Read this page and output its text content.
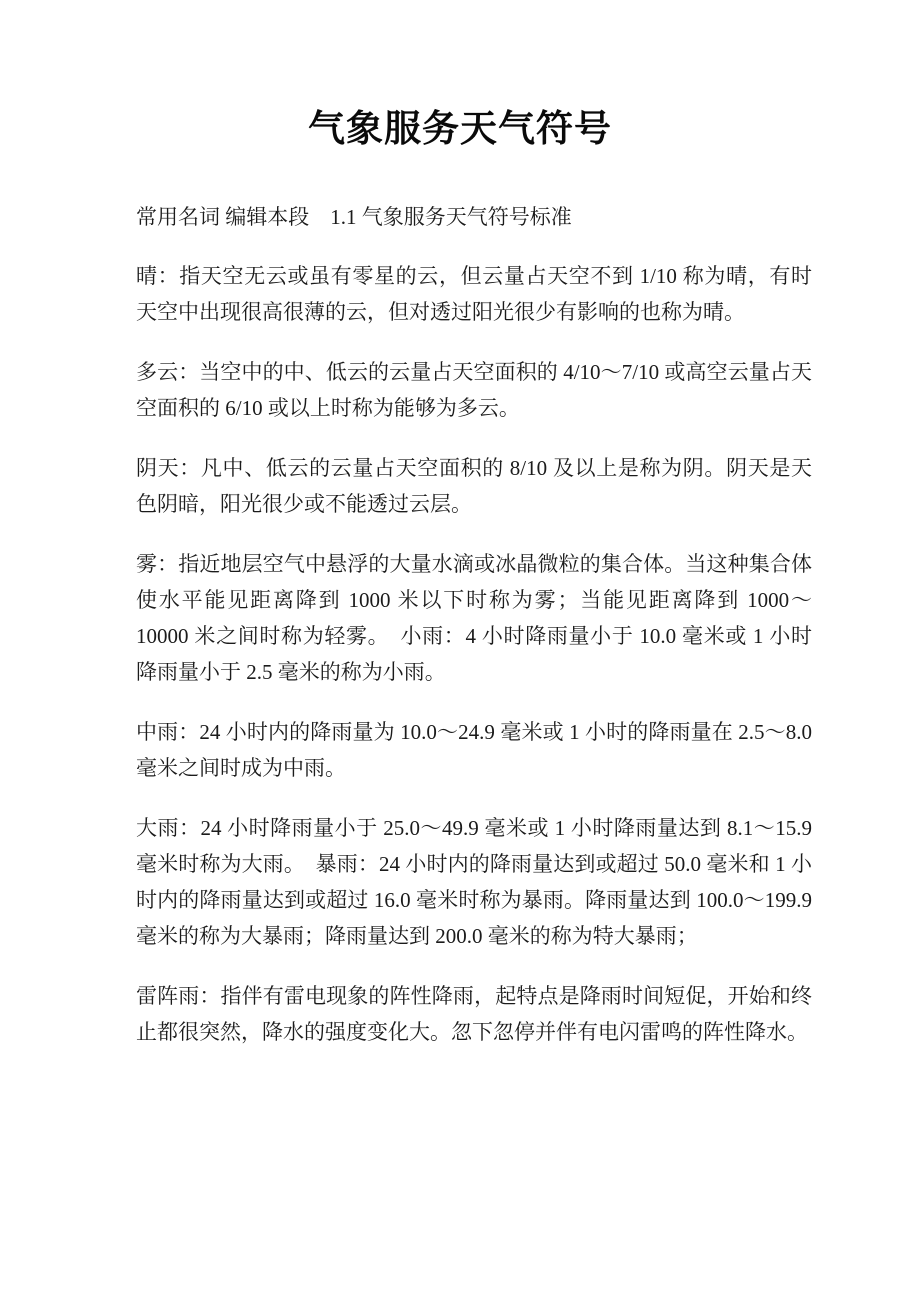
气象服务天气符号

常用名词 编辑本段　1.1 气象服务天气符号标准

晴：指天空无云或虽有零星的云，但云量占天空不到 1/10 称为晴，有时天空中出现很高很薄的云，但对透过阳光很少有影响的也称为晴。

多云：当空中的中、低云的云量占天空面积的 4/10～7/10 或高空云量占天空面积的 6/10 或以上时称为能够为多云。

阴天：凡中、低云的云量占天空面积的 8/10 及以上是称为阴。阴天是天色阴暗，阳光很少或不能透过云层。

雾：指近地层空气中悬浮的大量水滴或冰晶微粒的集合体。当这种集合体使水平能见距离降到 1000 米以下时称为雾；当能见距离降到 1000～10000 米之间时称为轻雾。　小雨：4 小时降雨量小于 10.0 毫米或 1 小时降雨量小于 2.5 毫米的称为小雨。

中雨：24 小时内的降雨量为 10.0～24.9 毫米或 1 小时的降雨量在 2.5～8.0 毫米之间时成为中雨。

大雨：24 小时降雨量小于 25.0～49.9 毫米或 1 小时降雨量达到 8.1～15.9 毫米时称为大雨。　暴雨：24 小时内的降雨量达到或超过 50.0 毫米和 1 小时内的降雨量达到或超过 16.0 毫米时称为暴雨。降雨量达到 100.0～199.9 毫米的称为大暴雨；降雨量达到 200.0 毫米的称为特大暴雨；

雷阵雨：指伴有雷电现象的阵性降雨，起特点是降雨时间短促，开始和终止都很突然，降水的强度变化大。忽下忽停并伴有电闪雷鸣的阵性降水。
